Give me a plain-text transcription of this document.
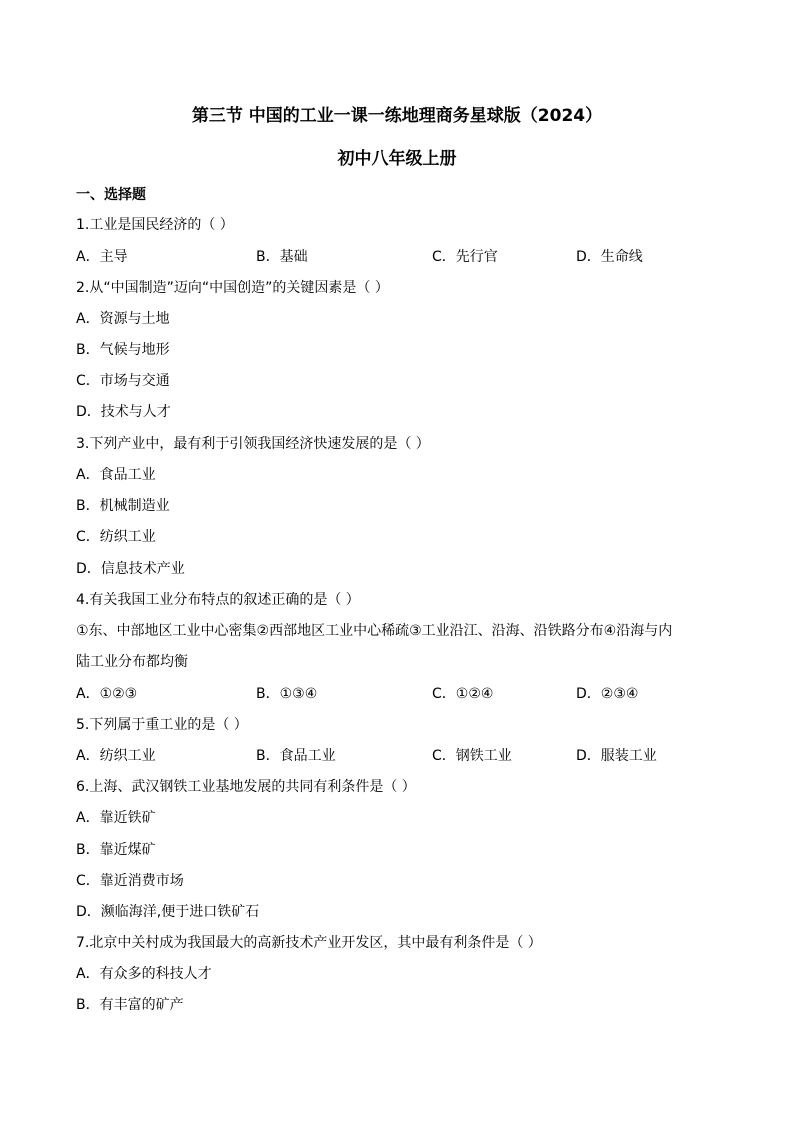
第三节 中国的工业一课一练地理商务星球版（2024）
初中八年级上册
一、选择题
1.工业是国民经济的（ ）
A．主导	B．基础	C．先行官	D．生命线
2.从“中国制造”迈向“中国创造”的关键因素是（ ）
A．资源与土地
B．气候与地形
C．市场与交通
D．技术与人才
3.下列产业中，最有利于引领我国经济快速发展的是（ ）
A．食品工业
B．机械制造业
C．纺织工业
D．信息技术产业
4.有关我国工业分布特点的叙述正确的是（ ）
①东、中部地区工业中心密集②西部地区工业中心稀疏③工业沿江、沿海、沿铁路分布④沿海与内
陆工业分布都均衡
A．①②③	B．①③④	C．①②④	D．②③④
5.下列属于重工业的是（ ）
A．纺织工业	B．食品工业	C．钢铁工业	D．服装工业
6.上海、武汉钢铁工业基地发展的共同有利条件是（ ）
A．靠近铁矿
B．靠近煤矿
C．靠近消费市场
D．濒临海洋,便于进口铁矿石
7.北京中关村成为我国最大的高新技术产业开发区，其中最有利条件是（ ）
A．有众多的科技人才
B．有丰富的矿产
